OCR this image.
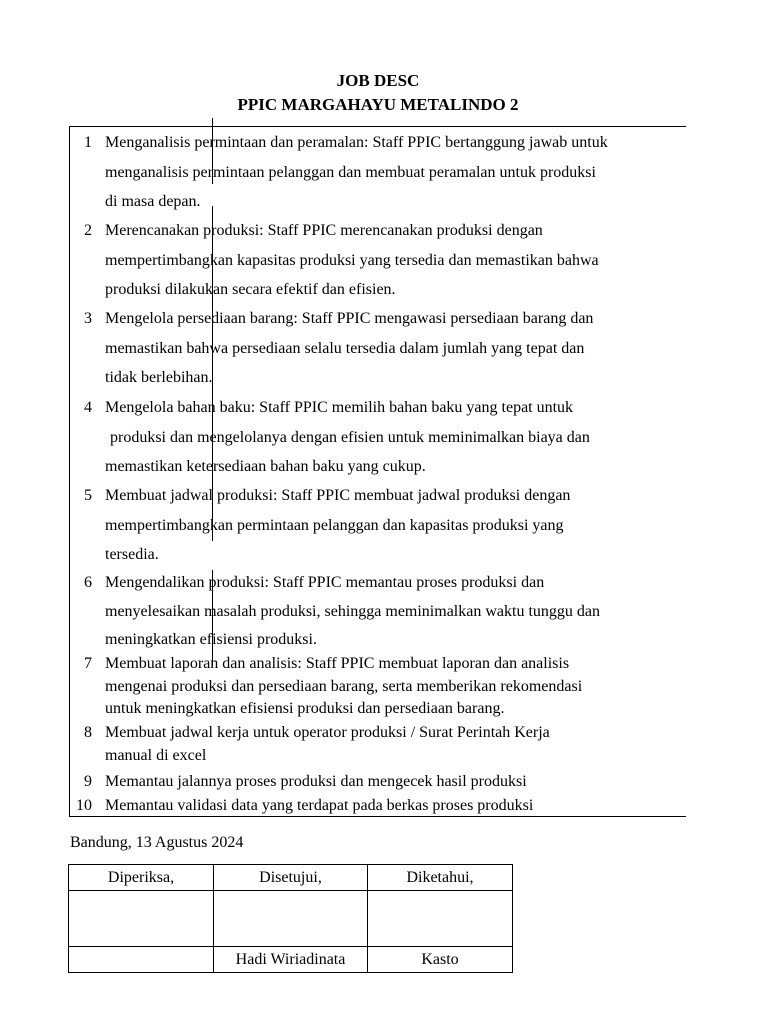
JOB DESC
PPIC MARGAHAYU METALINDO 2
1 Menganalisis permintaan dan peramalan: Staff PPIC bertanggung jawab untuk
menganalisis permintaan pelanggan dan membuat peramalan untuk produksi
di masa depan.
2 Merencanakan produksi: Staff PPIC merencanakan produksi dengan
mempertimbangkan kapasitas produksi yang tersedia dan memastikan bahwa
produksi dilakukan secara efektif dan efisien.
3 Mengelola persediaan barang: Staff PPIC mengawasi persediaan barang dan
memastikan bahwa persediaan selalu tersedia dalam jumlah yang tepat dan
tidak berlebihan.
4 Mengelola bahan baku: Staff PPIC memilih bahan baku yang tepat untuk
produksi dan mengelolanya dengan efisien untuk meminimalkan biaya dan
memastikan ketersediaan bahan baku yang cukup.
5 Membuat jadwal produksi: Staff PPIC membuat jadwal produksi dengan
mempertimbangkan permintaan pelanggan dan kapasitas produksi yang
tersedia.
6 Mengendalikan produksi: Staff PPIC memantau proses produksi dan
menyelesaikan masalah produksi, sehingga meminimalkan waktu tunggu dan
meningkatkan efisiensi produksi.
7 Membuat laporan dan analisis: Staff PPIC membuat laporan dan analisis
mengenai produksi dan persediaan barang, serta memberikan rekomendasi
untuk meningkatkan efisiensi produksi dan persediaan barang.
8 Membuat jadwal kerja untuk operator produksi / Surat Perintah Kerja
manual di excel
9 Memantau jalannya proses produksi dan mengecek hasil produksi
10 Memantau validasi data yang terdapat pada berkas proses produksi
Bandung, 13 Agustus 2024
Diperiksa,	Disetujui,	Diketahui,

	Hadi Wiriadinata	Kasto
